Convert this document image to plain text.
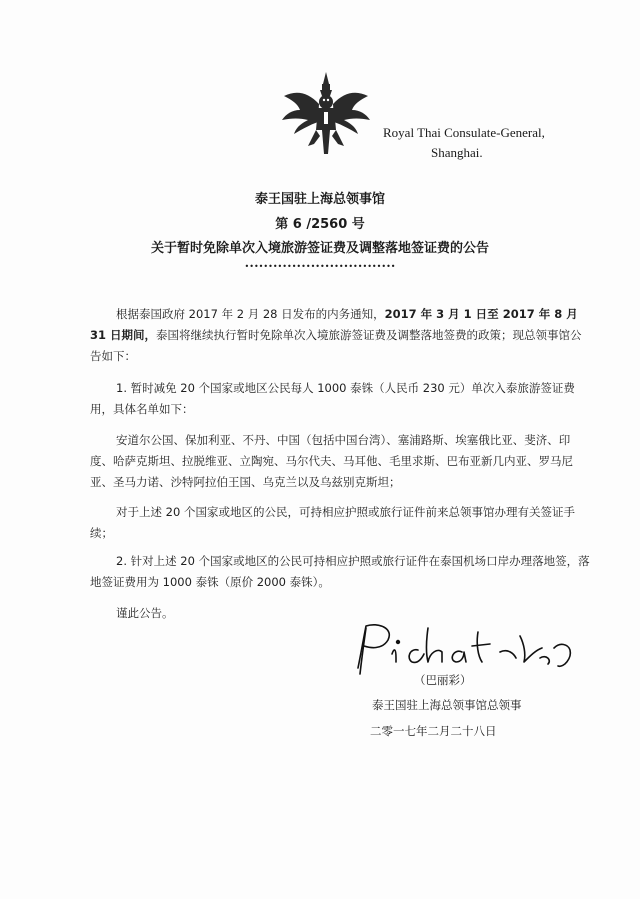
Royal Thai Consulate-General,
Shanghai.
泰王国驻上海总领事馆
第 6 /2560 号
关于暂时免除单次入境旅游签证费及调整落地签证费的公告
••••••••••••••••••••••••••••••••
根据泰国政府 2017 年 2 月 28 日发布的内务通知，2017 年 3 月 1 日至 2017 年 8 月 31 日期间，泰国将继续执行暂时免除单次入境旅游签证费及调整落地签费的政策；现总领事馆公告如下：
1. 暂时减免 20 个国家或地区公民每人 1000 泰铢（人民币 230 元）单次入泰旅游签证费用，具体名单如下：
安道尔公国、保加利亚、不丹、中国（包括中国台湾）、塞浦路斯、埃塞俄比亚、斐济、印度、哈萨克斯坦、拉脱维亚、立陶宛、马尔代夫、马耳他、毛里求斯、巴布亚新几内亚、罗马尼亚、圣马力诺、沙特阿拉伯王国、乌克兰以及乌兹别克斯坦；
对于上述 20 个国家或地区的公民，可持相应护照或旅行证件前来总领事馆办理有关签证手续；
2. 针对上述 20 个国家或地区的公民可持相应护照或旅行证件在泰国机场口岸办理落地签，落地签证费用为 1000 泰铢（原价 2000 泰铢）。
谨此公告。
（巴丽彩）
泰王国驻上海总领事馆总领事
二零一七年二月二十八日
